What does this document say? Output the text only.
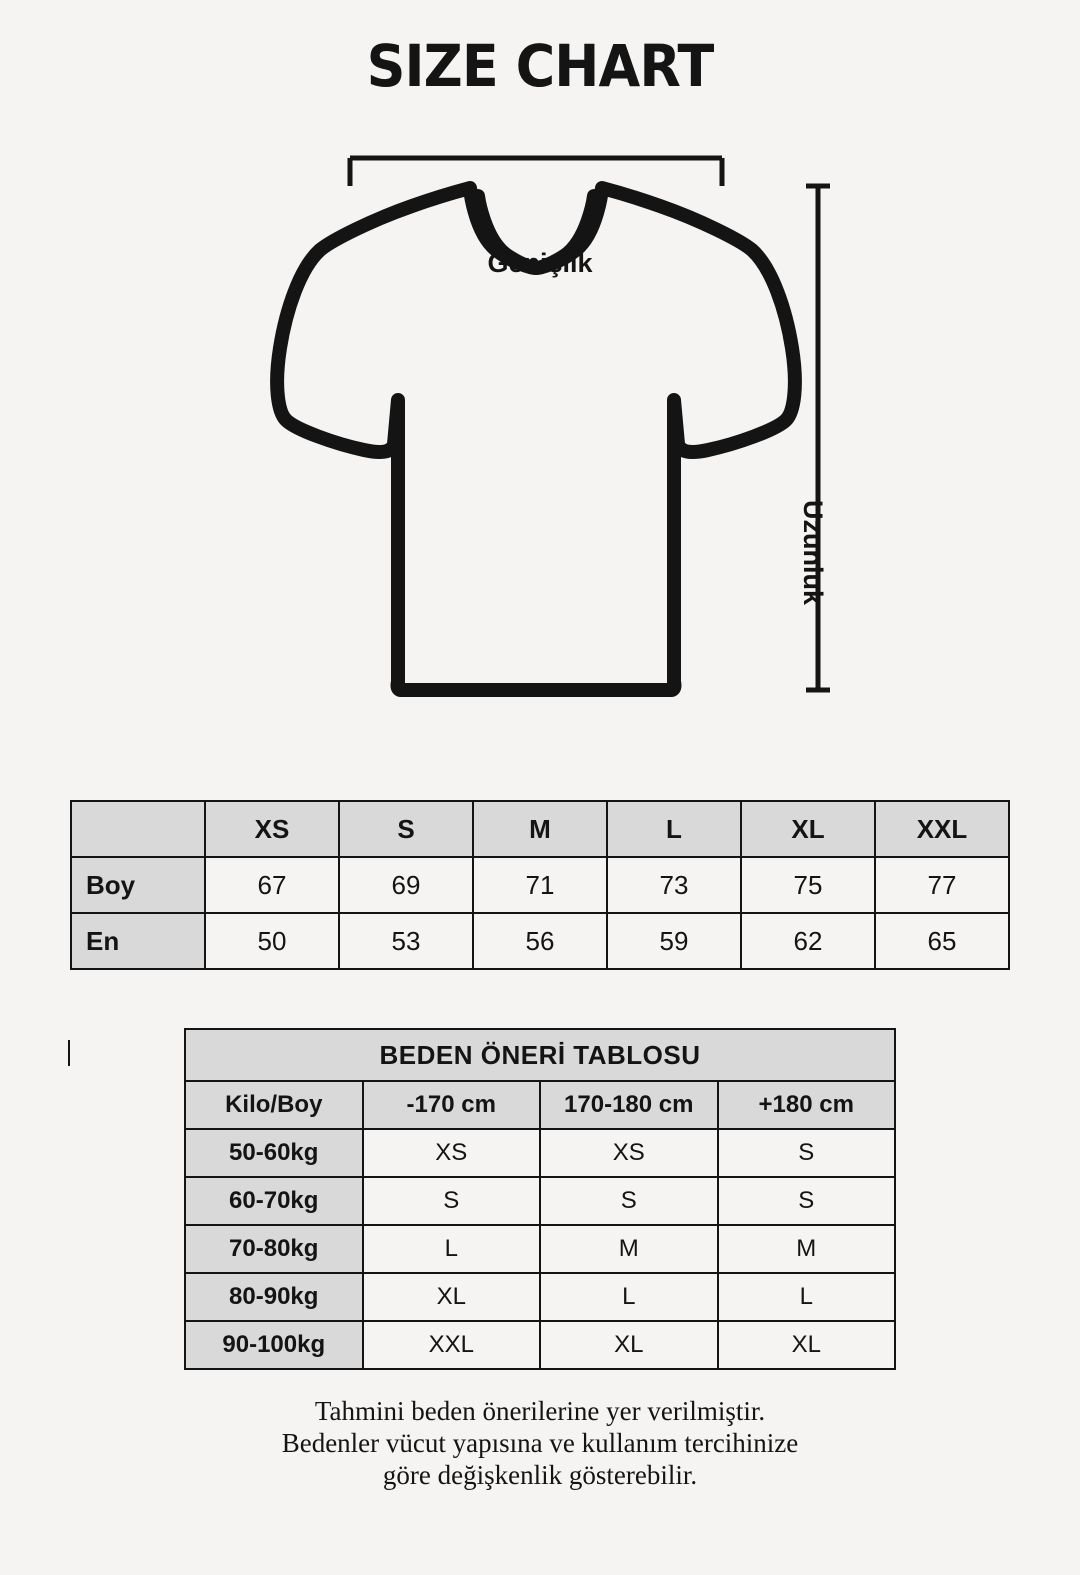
SIZE CHART
Genişlik
Uzunluk
	XS	S	M	L	XL	XXL
Boy	67	69	71	73	75	77
En	50	53	56	59	62	65
BEDEN ÖNERİ TABLOSU			
Kilo/Boy	-170 cm	170-180 cm	+180 cm
50-60kg	XS	XS	S
60-70kg	S	S	S
70-80kg	L	M	M
80-90kg	XL	L	L
90-100kg	XXL	XL	XL
Tahmini beden önerilerine yer verilmiştir.
Bedenler vücut yapısına ve kullanım tercihinize
göre değişkenlik gösterebilir.
